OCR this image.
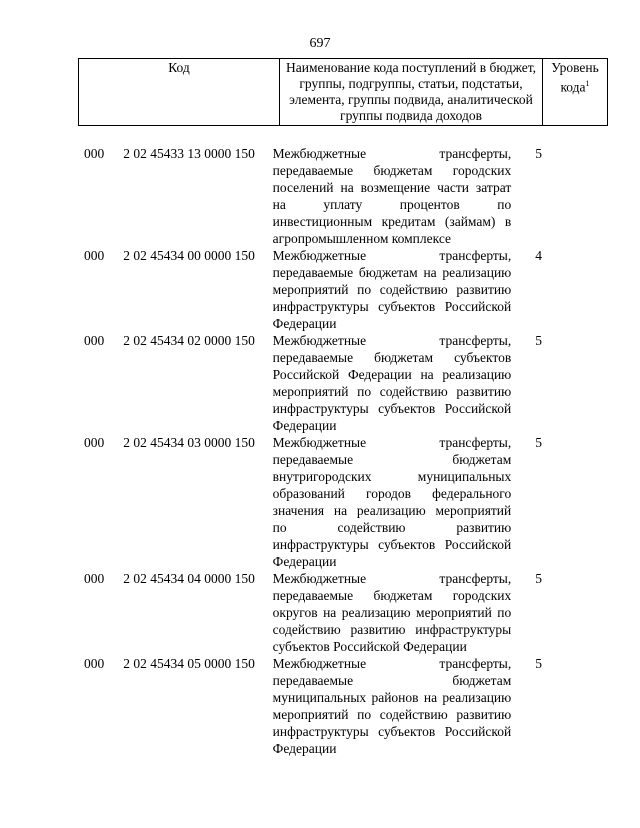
697
Код	Наименование кода поступлений в бюджет, группы, подгруппы, статьи, подстатьи, элемента, группы подвида, аналитической группы подвида доходов	Уровень кода$^1$
000	2 02 45433 13 0000 150	Межбюджетные трансферты,
передаваемые бюджетам городских
поселений на возмещение части затрат
на уплату процентов по
инвестиционным кредитам (займам) в
агропромышленном комплексе
5
000	2 02 45434 00 0000 150	Межбюджетные трансферты,
передаваемые бюджетам на реализацию
мероприятий по содействию развитию
инфраструктуры субъектов Российской
Федерации
4
000	2 02 45434 02 0000 150	Межбюджетные трансферты,
передаваемые бюджетам субъектов
Российской Федерации на реализацию
мероприятий по содействию развитию
инфраструктуры субъектов Российской
Федерации
5
000	2 02 45434 03 0000 150	Межбюджетные трансферты,
передаваемые бюджетам
внутригородских муниципальных
образований городов федерального
значения на реализацию мероприятий
по содействию развитию
инфраструктуры субъектов Российской
Федерации
5
000	2 02 45434 04 0000 150	Межбюджетные трансферты,
передаваемые бюджетам городских
округов на реализацию мероприятий по
содействию развитию инфраструктуры
субъектов Российской Федерации
5
000	2 02 45434 05 0000 150	Межбюджетные трансферты,
передаваемые бюджетам
муниципальных районов на реализацию
мероприятий по содействию развитию
инфраструктуры субъектов Российской
Федерации
5
